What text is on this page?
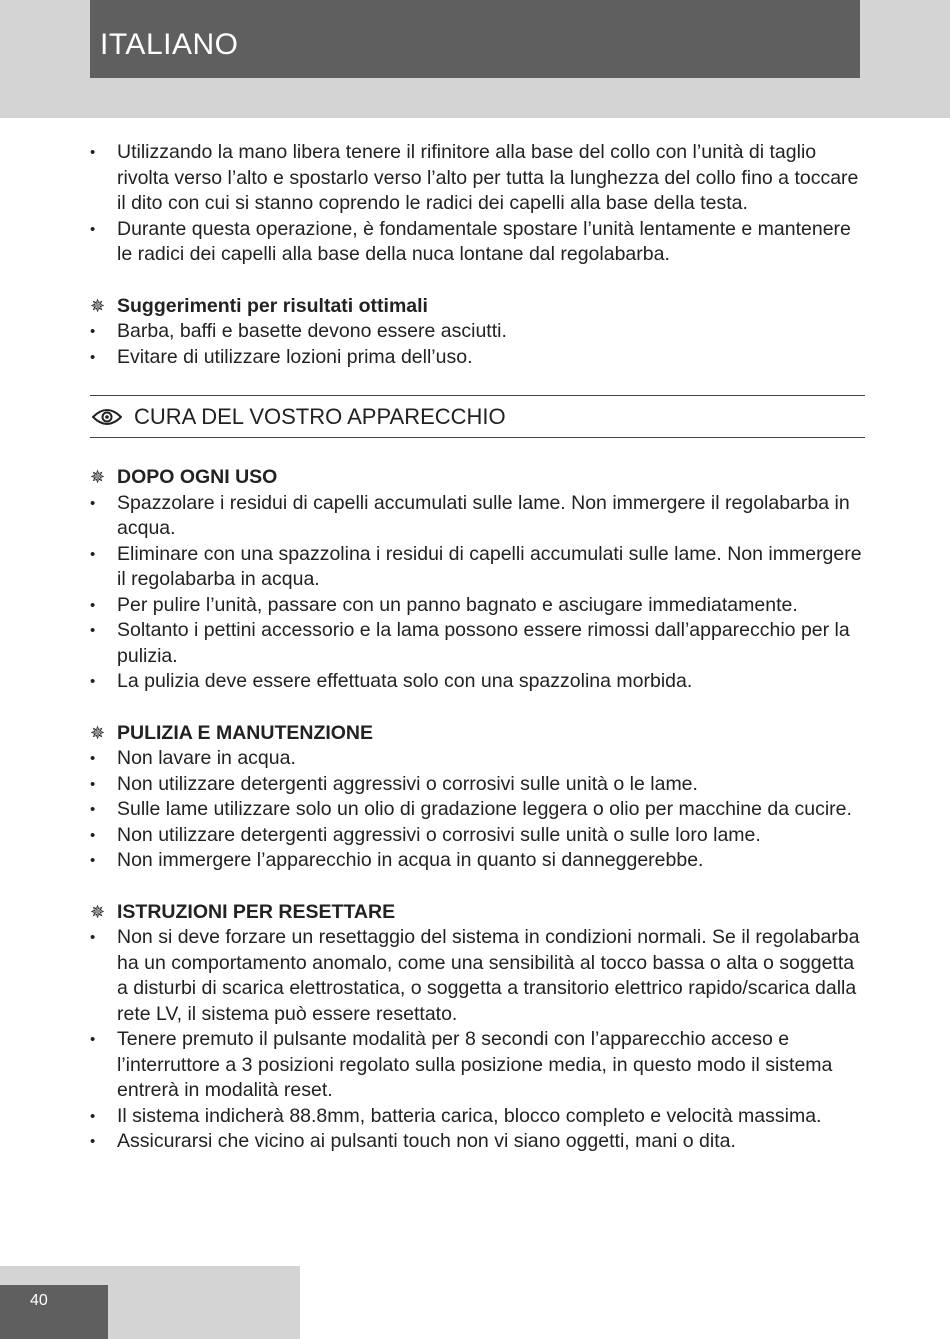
ITALIANO
• Utilizzando la mano libera tenere il rifinitore alla base del collo con l’unità di taglio rivolta verso l’alto e spostarlo verso l’alto per tutta la lunghezza del collo fino a toccare il dito con cui si stanno coprendo le radici dei capelli alla base della testa.
• Durante questa operazione, è fondamentale spostare l’unità lentamente e mantenere le radici dei capelli alla base della nuca lontane dal regolabarba.
✵ Suggerimenti per risultati ottimali
• Barba, baffi e basette devono essere asciutti.
• Evitare di utilizzare lozioni prima dell’uso.
CURA DEL VOSTRO APPARECCHIO
✵ DOPO OGNI USO
• Spazzolare i residui di capelli accumulati sulle lame. Non immergere il regolabarba in acqua.
• Eliminare con una spazzolina i residui di capelli accumulati sulle lame. Non immergere il regolabarba in acqua.
• Per pulire l’unità, passare con un panno bagnato e asciugare immediatamente.
• Soltanto i pettini accessorio e la lama possono essere rimossi dall’apparecchio per la pulizia.
• La pulizia deve essere effettuata solo con una spazzolina morbida.
✵ PULIZIA E MANUTENZIONE
• Non lavare in acqua.
• Non utilizzare detergenti aggressivi o corrosivi sulle unità o le lame.
• Sulle lame utilizzare solo un olio di gradazione leggera o olio per macchine da cucire.
• Non utilizzare detergenti aggressivi o corrosivi sulle unità o sulle loro lame.
• Non immergere l’apparecchio in acqua in quanto si danneggerebbe.
✵ ISTRUZIONI PER RESETTARE
• Non si deve forzare un resettaggio del sistema in condizioni normali. Se il regolabarba ha un comportamento anomalo, come una sensibilità al tocco bassa o alta o soggetta a disturbi di scarica elettrostatica, o soggetta a transitorio elettrico rapido/scarica dalla rete LV, il sistema può essere resettato.
• Tenere premuto il pulsante modalità per 8 secondi con l’apparecchio acceso e l’interruttore a 3 posizioni regolato sulla posizione media, in questo modo il sistema entrerà in modalità reset.
• Il sistema indicherà 88.8mm, batteria carica, blocco completo e velocità massima.
• Assicurarsi che vicino ai pulsanti touch non vi siano oggetti, mani o dita.
40
